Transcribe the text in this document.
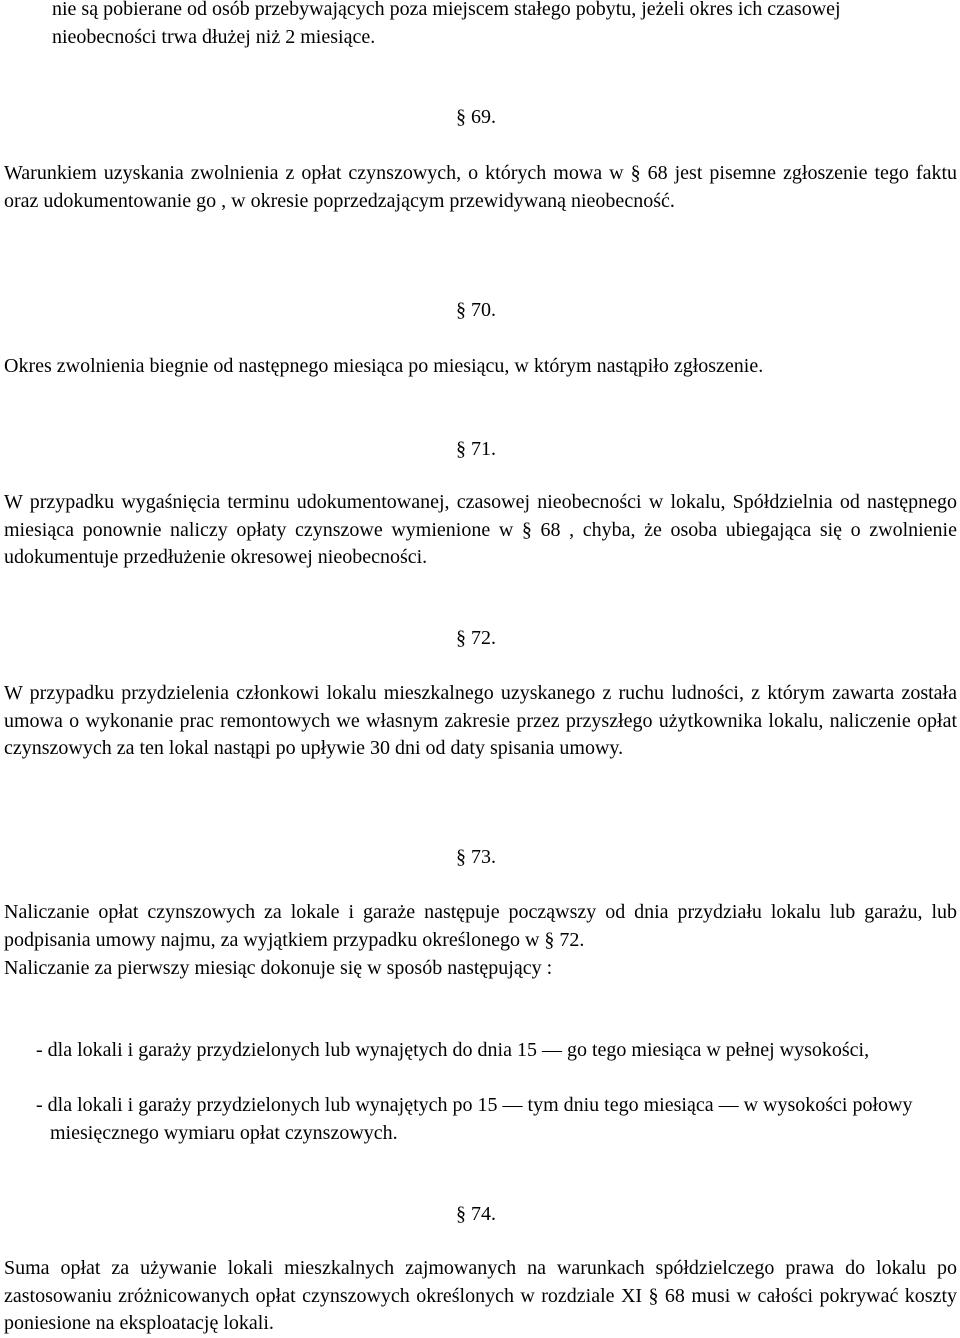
nie są pobierane od osób przebywających poza miejscem stałego pobytu, jeżeli okres ich czasowej nieobecności trwa dłużej niż 2 miesiące.

§ 69.

Warunkiem uzyskania zwolnienia z opłat czynszowych, o których mowa w § 68 jest pisemne zgłoszenie tego faktu oraz udokumentowanie go , w okresie poprzedzającym przewidywaną nieobecność.

§ 70.

Okres zwolnienia biegnie od następnego miesiąca po miesiącu, w którym nastąpiło zgłoszenie.

§ 71.

W przypadku wygaśnięcia terminu udokumentowanej, czasowej nieobecności w lokalu, Spółdzielnia od następnego miesiąca ponownie naliczy opłaty czynszowe wymienione w § 68 , chyba, że osoba ubiegająca się o zwolnienie udokumentuje przedłużenie okresowej nieobecności.

§ 72.

W przypadku przydzielenia członkowi lokalu mieszkalnego uzyskanego z ruchu ludności, z którym zawarta została umowa o wykonanie prac remontowych we własnym zakresie przez przyszłego użytkownika lokalu, naliczenie opłat czynszowych za ten lokal nastąpi po upływie 30 dni od daty spisania umowy.

§ 73.

Naliczanie opłat czynszowych za lokale i garaże następuje począwszy od dnia przydziału lokalu lub garażu, lub podpisania umowy najmu, za wyjątkiem przypadku określonego w § 72.

Naliczanie za pierwszy miesiąc dokonuje się w sposób następujący :

- dla lokali i garaży przydzielonych lub wynajętych do dnia 15 — go tego miesiąca w pełnej wysokości,

- dla lokali i garaży przydzielonych lub wynajętych po 15 — tym dniu tego miesiąca — w wysokości połowy miesięcznego wymiaru opłat czynszowych.

§ 74.

Suma opłat za używanie lokali mieszkalnych zajmowanych na warunkach spółdzielczego prawa do lokalu po zastosowaniu zróżnicowanych opłat czynszowych określonych w rozdziale XI § 68 musi w całości pokrywać koszty poniesione na eksploatację lokali.
